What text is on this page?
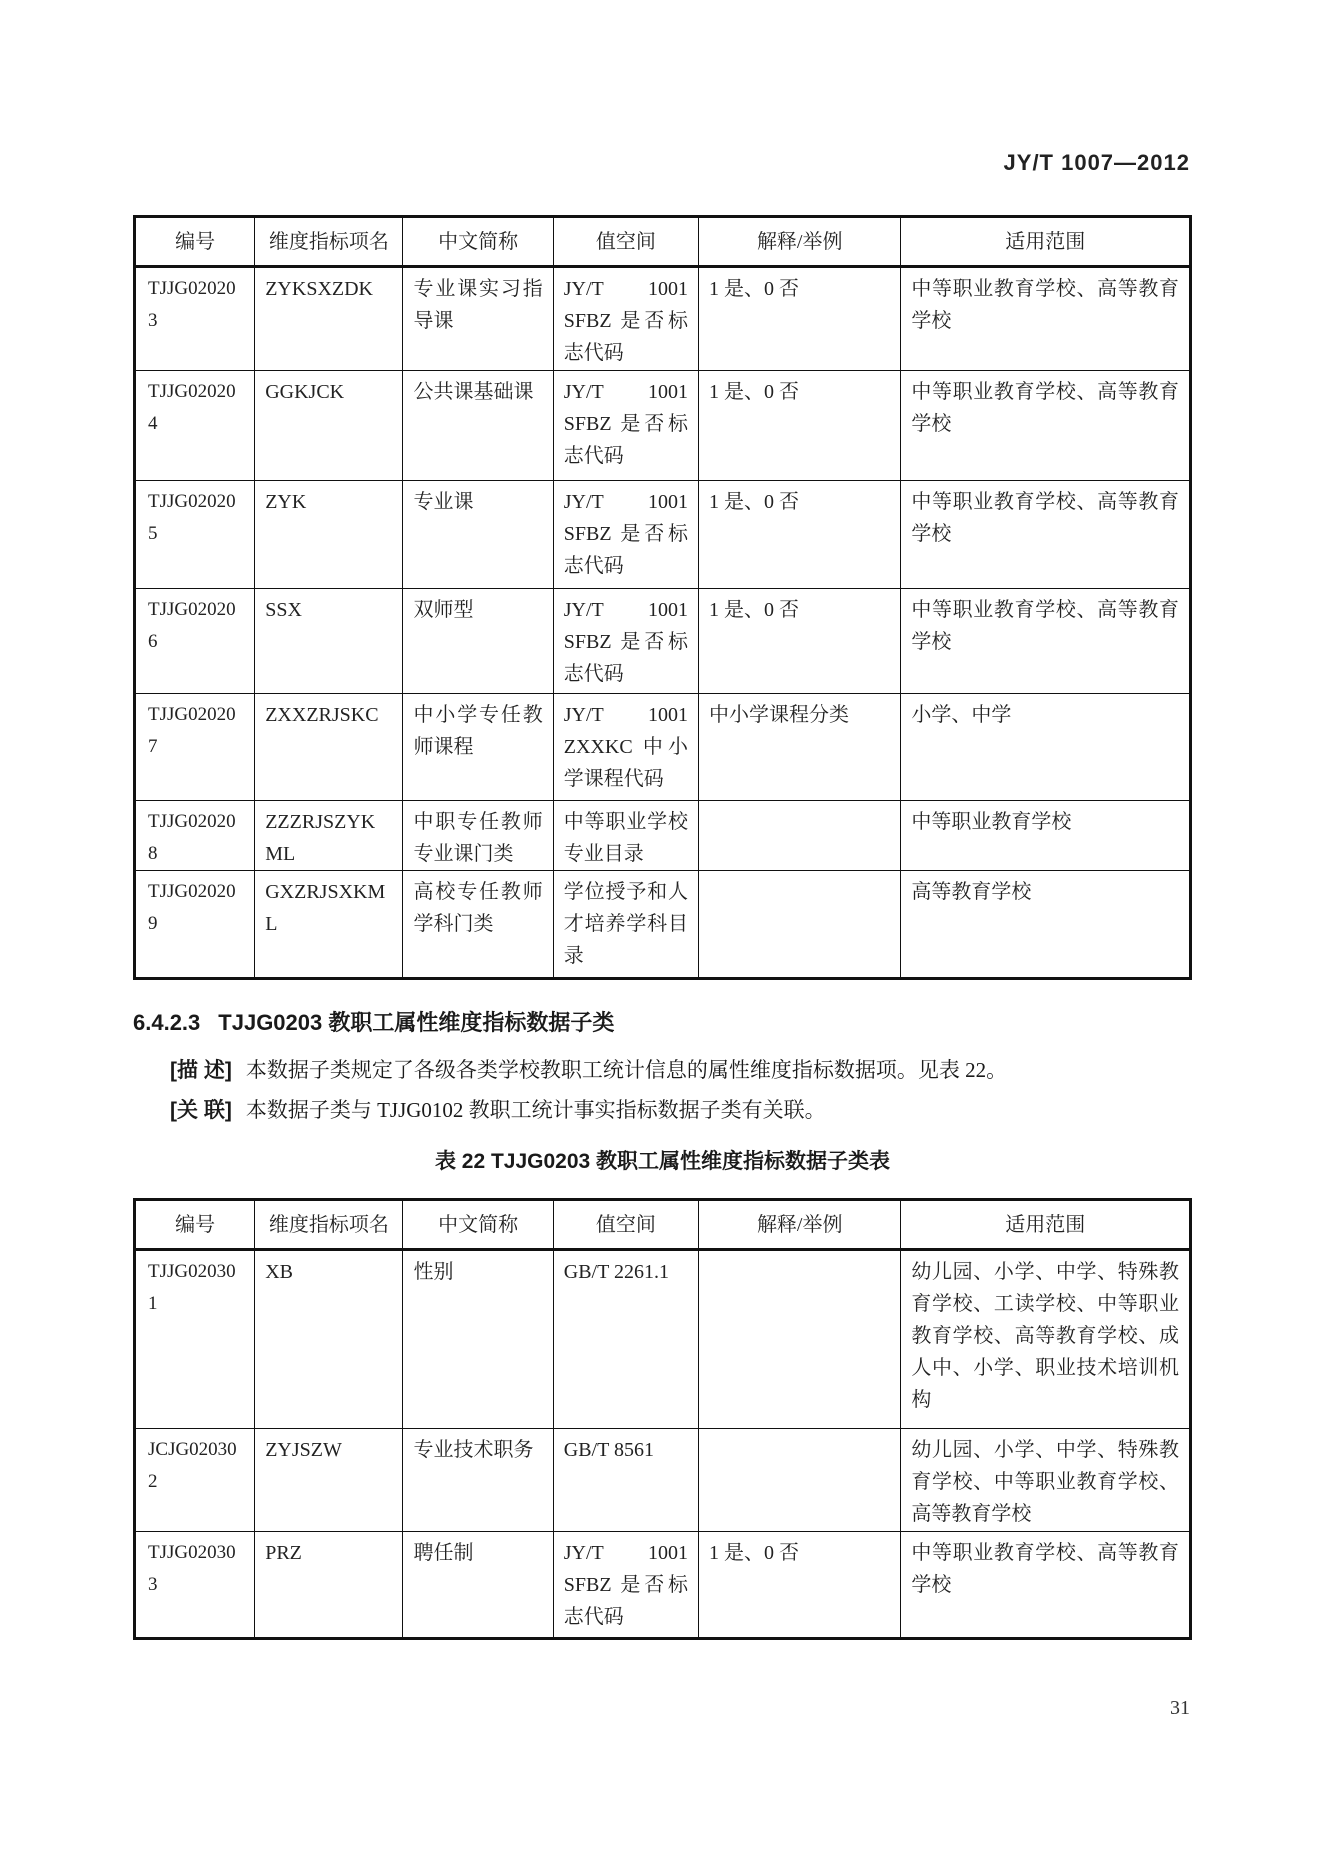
JY/T 1007—2012
编号	维度指标项名	中文简称	值空间	解释/举例	适用范围
TJJG020203	ZYKSXZDK	专业课实习指导课	JY/T 1001 SFBZ 是否标志代码	1 是、0 否	中等职业教育学校、高等教育学校
TJJG020204	GGKJCK	公共课基础课	JY/T 1001 SFBZ 是否标志代码	1 是、0 否	中等职业教育学校、高等教育学校
TJJG020205	ZYK	专业课	JY/T 1001 SFBZ 是否标志代码	1 是、0 否	中等职业教育学校、高等教育学校
TJJG020206	SSX	双师型	JY/T 1001 SFBZ 是否标志代码	1 是、0 否	中等职业教育学校、高等教育学校
TJJG020207	ZXXZRJSKC	中小学专任教师课程	JY/T 1001 ZXXKC 中小学课程代码	中小学课程分类	小学、中学
TJJG020208	ZZZRJSZYKML	中职专任教师专业课门类	中等职业学校专业目录		中等职业教育学校
TJJG020209	GXZRJSXKML	高校专任教师学科门类	学位授予和人才培养学科目录		高等教育学校
6.4.2.3 TJJG0203 教职工属性维度指标数据子类
[描 述] 本数据子类规定了各级各类学校教职工统计信息的属性维度指标数据项。见表 22。
[关 联] 本数据子类与 TJJG0102 教职工统计事实指标数据子类有关联。
表 22 TJJG0203 教职工属性维度指标数据子类表
编号	维度指标项名	中文简称	值空间	解释/举例	适用范围
TJJG020301	XB	性别	GB/T 2261.1		幼儿园、小学、中学、特殊教育学校、工读学校、中等职业教育学校、高等教育学校、成人中、小学、职业技术培训机构
JCJG020302	ZYJSZW	专业技术职务	GB/T 8561		幼儿园、小学、中学、特殊教育学校、中等职业教育学校、高等教育学校
TJJG020303	PRZ	聘任制	JY/T 1001 SFBZ 是否标志代码	1 是、0 否	中等职业教育学校、高等教育学校
31
